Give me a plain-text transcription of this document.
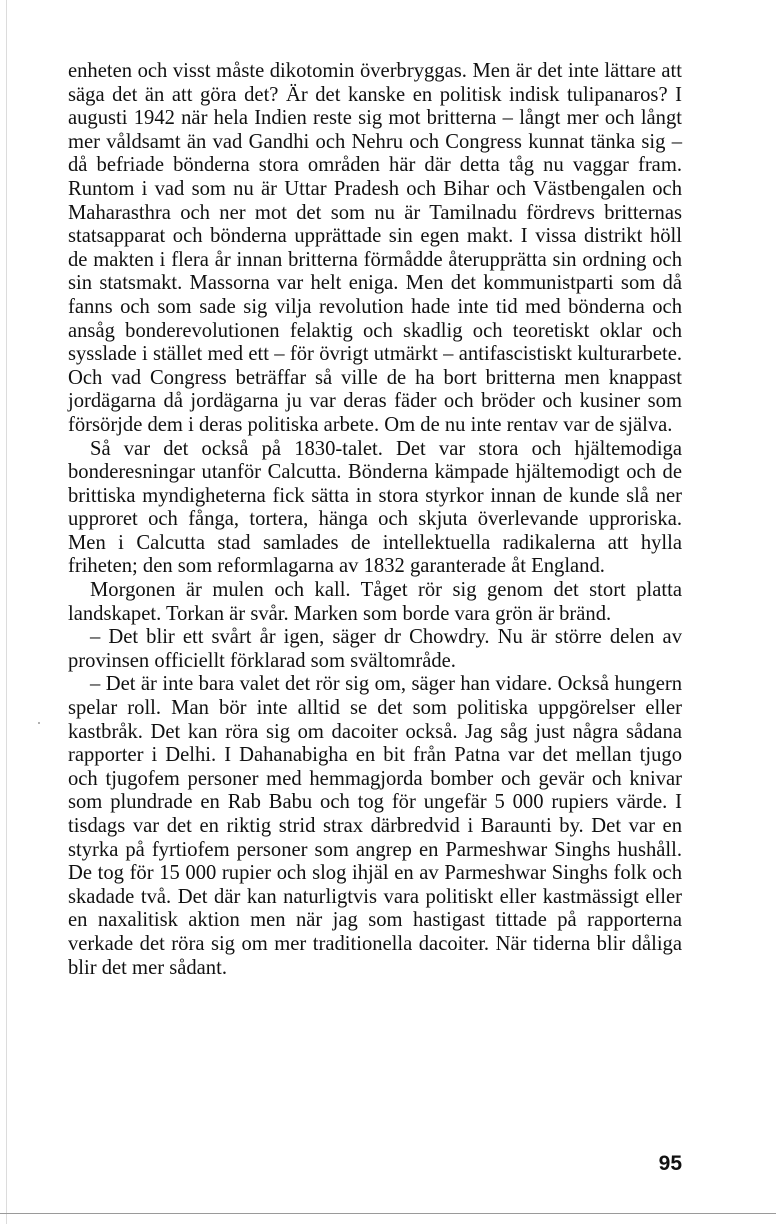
enheten och visst måste dikotomin överbryggas. Men är det inte lättare att säga det än att göra det? Är det kanske en politisk indisk tulipanaros? I augusti 1942 när hela Indien reste sig mot britterna – långt mer och långt mer våldsamt än vad Gandhi och Nehru och Congress kunnat tänka sig – då befriade bönderna stora områden här där detta tåg nu vaggar fram. Runtom i vad som nu är Uttar Pradesh och Bihar och Västbengalen och Maharasthra och ner mot det som nu är Tamilnadu fördrevs britternas statsapparat och bönderna upprättade sin egen makt. I vissa distrikt höll de makten i flera år innan britterna förmådde återupprätta sin ordning och sin statsmakt. Massorna var helt eniga. Men det kommunistparti som då fanns och som sade sig vilja revolution hade inte tid med bönderna och ansåg bonderevolutionen felaktig och skadlig och teoretiskt oklar och sysslade i stället med ett – för övrigt utmärkt – antifascistiskt kulturarbete. Och vad Congress beträffar så ville de ha bort britterna men knappast jordägarna då jordägarna ju var deras fäder och bröder och kusiner som försörjde dem i deras politiska arbete. Om de nu inte rentav var de själva.

Så var det också på 1830-talet. Det var stora och hjältemodiga bonderesningar utanför Calcutta. Bönderna kämpade hjältemodigt och de brittiska myndigheterna fick sätta in stora styrkor innan de kunde slå ner upproret och fånga, tortera, hänga och skjuta överlevande upproriska. Men i Calcutta stad samlades de intellektuella radikalerna att hylla friheten; den som reformlagarna av 1832 garanterade åt England.

Morgonen är mulen och kall. Tåget rör sig genom det stort platta landskapet. Torkan är svår. Marken som borde vara grön är bränd.

– Det blir ett svårt år igen, säger dr Chowdry. Nu är större delen av provinsen officiellt förklarad som svältområde.

– Det är inte bara valet det rör sig om, säger han vidare. Också hungern spelar roll. Man bör inte alltid se det som politiska uppgörelser eller kastbråk. Det kan röra sig om dacoiter också. Jag såg just några sådana rapporter i Delhi. I Dahanabigha en bit från Patna var det mellan tjugo och tjugofem personer med hemmagjorda bomber och gevär och knivar som plundrade en Rab Babu och tog för ungefär 5 000 rupiers värde. I tisdags var det en riktig strid strax därbredvid i Baraunti by. Det var en styrka på fyrtiofem personer som angrep en Parmeshwar Singhs hushåll. De tog för 15 000 rupier och slog ihjäl en av Parmeshwar Singhs folk och skadade två. Det där kan naturligtvis vara politiskt eller kastmässigt eller en naxalitisk aktion men när jag som hastigast tittade på rapporterna verkade det röra sig om mer traditionella dacoiter. När tiderna blir dåliga blir det mer sådant.

95
